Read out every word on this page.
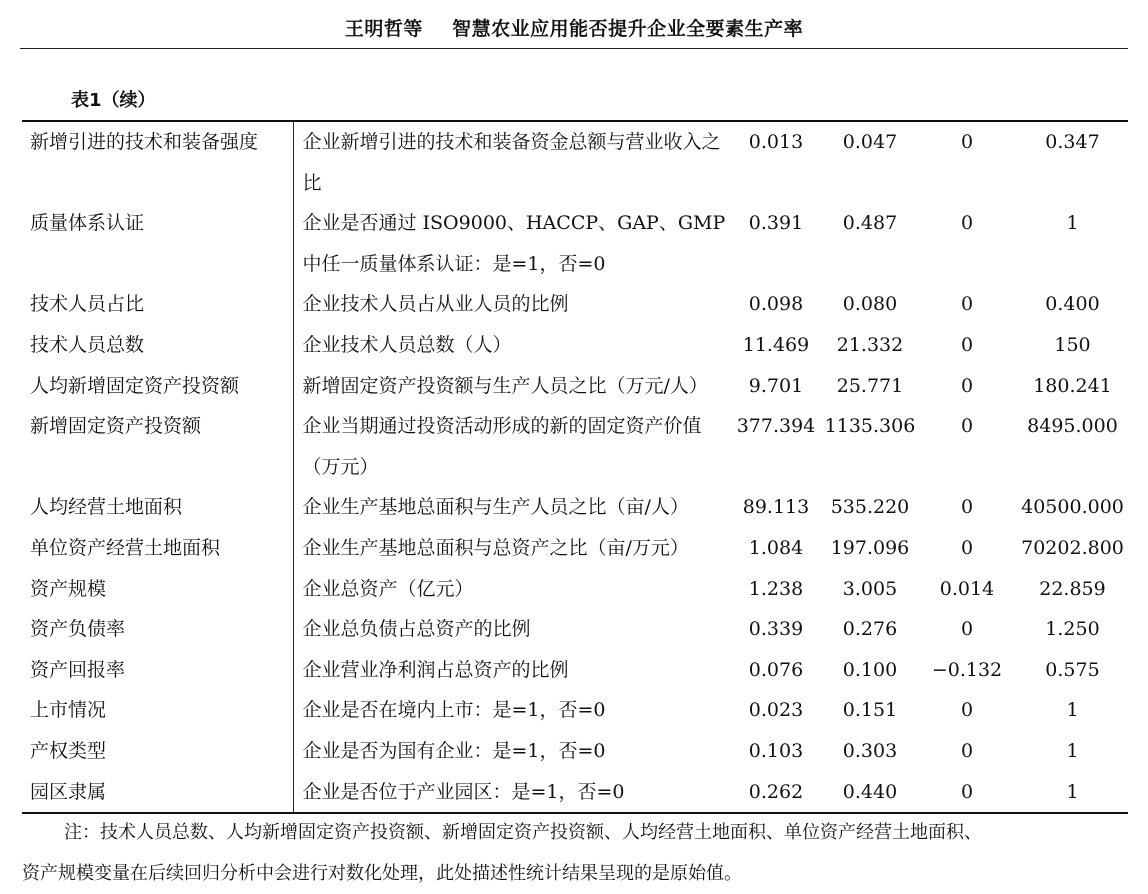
王明哲等 智慧农业应用能否提升企业全要素生产率
表1（续）
新增引进的技术和装备强度	企业新增引进的技术和装备资金总额与营业收入之比	0.013	0.047	0	0.347
质量体系认证	企业是否通过 ISO9000、HACCP、GAP、GMP 中任一质量体系认证：是=1，否=0	0.391	0.487	0	1
技术人员占比	企业技术人员占从业人员的比例	0.098	0.080	0	0.400
技术人员总数	企业技术人员总数（人）	11.469	21.332	0	150
人均新增固定资产投资额	新增固定资产投资额与生产人员之比（万元/人）	9.701	25.771	0	180.241
新增固定资产投资额	企业当期通过投资活动形成的新的固定资产价值（万元）	377.394	1135.306	0	8495.000
人均经营土地面积	企业生产基地总面积与生产人员之比（亩/人）	89.113	535.220	0	40500.000
单位资产经营土地面积	企业生产基地总面积与总资产之比（亩/万元）	1.084	197.096	0	70202.800
资产规模	企业总资产（亿元）	1.238	3.005	0.014	22.859
资产负债率	企业总负债占总资产的比例	0.339	0.276	0	1.250
资产回报率	企业营业净利润占总资产的比例	0.076	0.100	−0.132	0.575
上市情况	企业是否在境内上市：是=1，否=0	0.023	0.151	0	1
产权类型	企业是否为国有企业：是=1，否=0	0.103	0.303	0	1
园区隶属	企业是否位于产业园区：是=1，否=0	0.262	0.440	0	1
注：技术人员总数、人均新增固定资产投资额、新增固定资产投资额、人均经营土地面积、单位资产经营土地面积、
资产规模变量在后续回归分析中会进行对数化处理，此处描述性统计结果呈现的是原始值。
